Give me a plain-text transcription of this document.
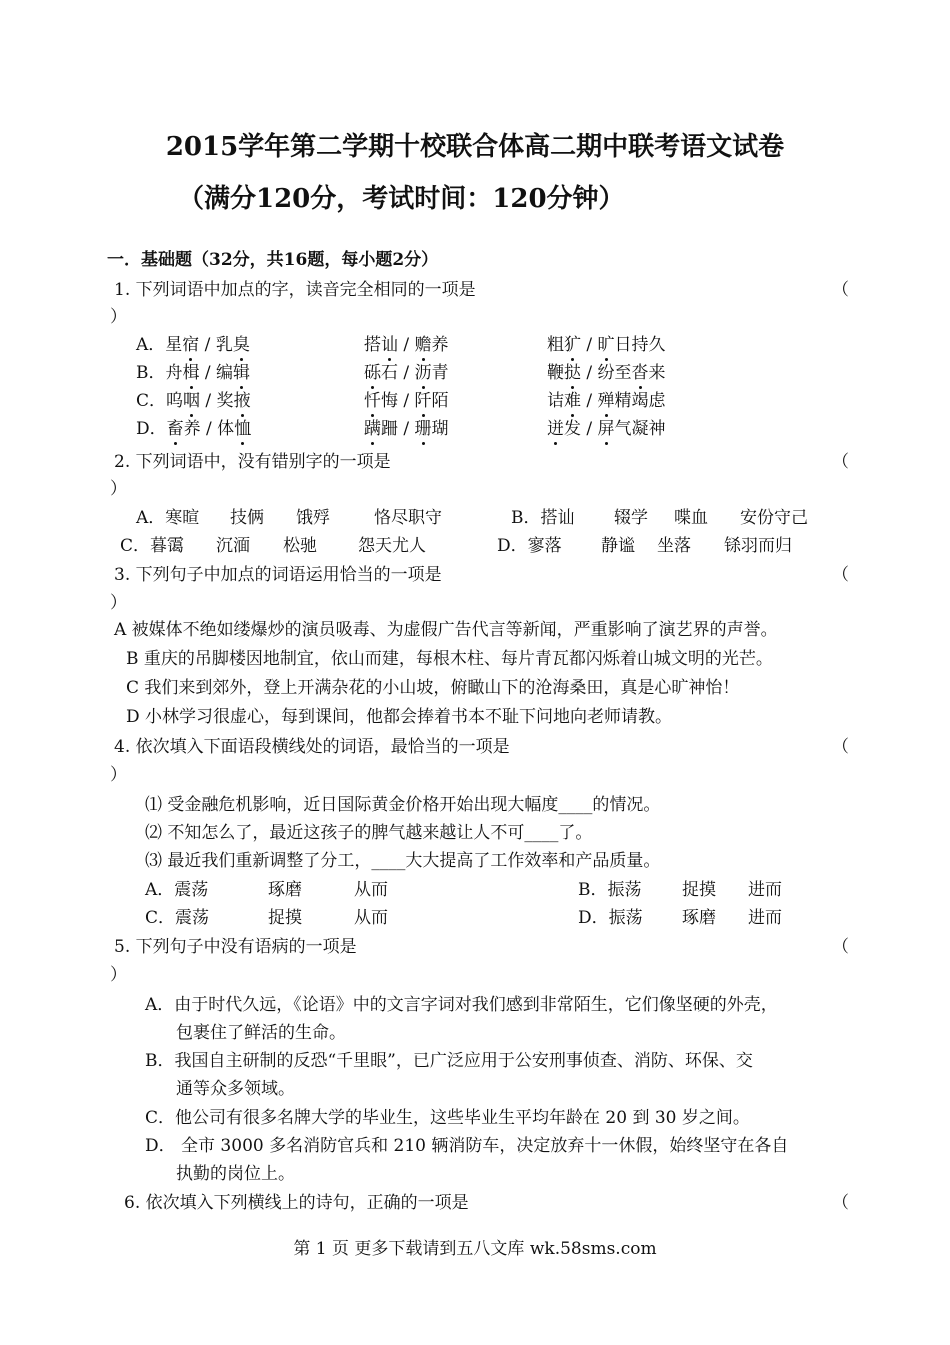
2015学年第二学期十校联合体高二期中联考语文试卷
（满分120分，考试时间：120分钟）
一．基础题（32分，共16题，每小题2分）
1. 下列词语中加点的字，读音完全相同的一项是	（
）
A．星宿 / 乳臭	搭讪 / 赡养	粗犷 / 旷日持久
B．舟楫 / 编辑	砾石 / 沥青	鞭挞 / 纷至沓来
C．呜咽 / 奖掖	忏悔 / 阡陌	诘难 / 殚精竭虑
D．畜养 / 体恤	蹒跚 / 珊瑚	迸发 / 屏气凝神
2. 下列词语中，没有错别字的一项是	（
）
A．寒暄 技俩 饿殍	恪尽职守	B．搭讪 辍学 喋血 安份守己
C．暮霭 沉湎 松驰 怨天尤人	D．寥落 静谧 坐落 铩羽而归
3. 下列句子中加点的词语运用恰当的一项是	（
）
A 被媒体不绝如缕爆炒的演员吸毒、为虚假广告代言等新闻，严重影响了演艺界的声誉。
B 重庆的吊脚楼因地制宜，依山而建，每根木柱、每片青瓦都闪烁着山城文明的光芒。
C 我们来到郊外，登上开满杂花的小山坡，俯瞰山下的沧海桑田，真是心旷神怡！
D 小林学习很虚心，每到课间，他都会捧着书本不耻下问地向老师请教。
4. 依次填入下面语段横线处的词语，最恰当的一项是	（
）
⑴ 受金融危机影响，近日国际黄金价格开始出现大幅度____的情况。
⑵ 不知怎么了，最近这孩子的脾气越来越让人不可____了。
⑶ 最近我们重新调整了分工，____大大提高了工作效率和产品质量。
A．震荡	琢磨	从而	B．振荡 捉摸 进而
C．震荡	捉摸	从而	D．振荡 琢磨 进而
5. 下列句子中没有语病的一项是	（
）
A．由于时代久远，《论语》中的文言字词对我们感到非常陌生，它们像坚硬的外壳，
包裹住了鲜活的生命。
B．我国自主研制的反恐“千里眼”，已广泛应用于公安刑事侦查、消防、环保、交
通等众多领域。
C．他公司有很多名牌大学的毕业生，这些毕业生平均年龄在 20 到 30 岁之间。
D． 全市 3000 多名消防官兵和 210 辆消防车，决定放弃十一休假，始终坚守在各自
执勤的岗位上。
6. 依次填入下列横线上的诗句，正确的一项是	（
第 1 页 更多下载请到五八文库 wk.58sms.com
